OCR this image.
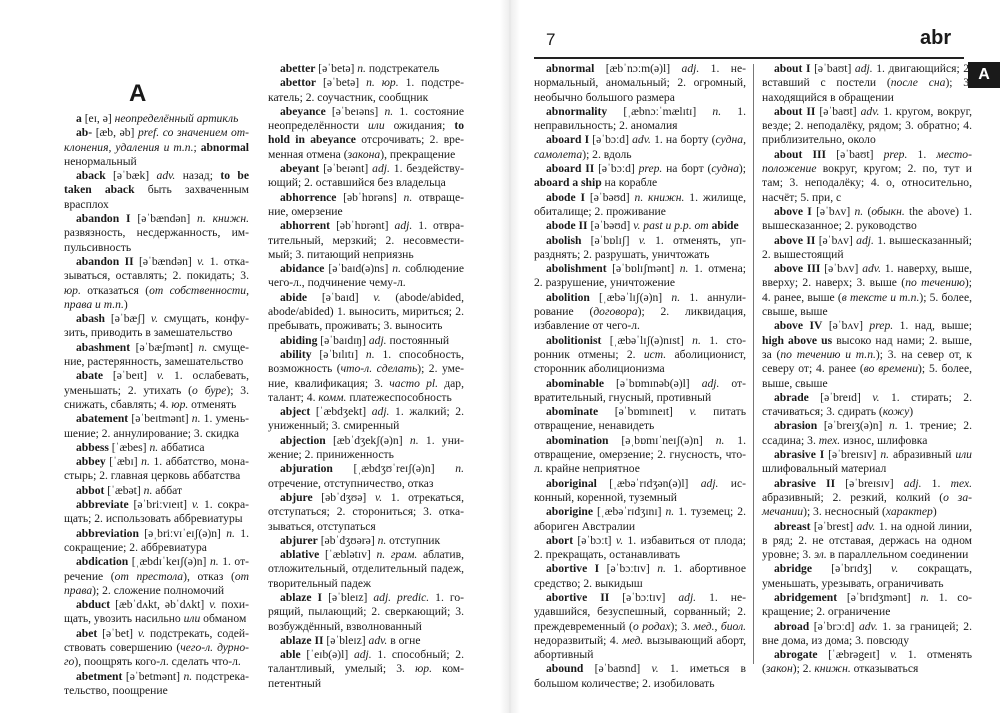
A

a [eɪ, ə] неопределённый артикль

ab- [æb, əb] pref. со значением отклонения, удаления и т.п.; abnormal ненормальный

aback [əˈbæk] adv. назад; to be taken aback быть захваченным врасплох

abandon I [əˈbændən] n. книжн. развязность, несдержанность, импульсивность

abandon II [əˈbændən] v. 1. отказываться, оставлять; 2. покидать; 3. юр. отказаться (от собственности, права и т.п.)

abash [əˈbæʃ] v. смущать, конфузить, приводить в замешательство

abashment [əˈbæʃmənt] n. смущение, растерянность, замешательство

abate [əˈbeɪt] v. 1. ослабевать, уменьшать; 2. утихать (о буре); 3. снижать, сбавлять; 4. юр. отменять

abatement [əˈbeɪtmənt] n. 1. уменьшение; 2. аннулирование; 3. скидка

abbess [ˈæbes] n. аббатиса

abbey [ˈæbɪ] n. 1. аббатство, монастырь; 2. главная церковь аббатства

abbot [ˈæbət] n. аббат

abbreviate [əˈbriːvɪeɪt] v. 1. сокращать; 2. использовать аббревиатуры

abbreviation [əˌbriːvɪˈeɪʃ(ə)n] n. 1. сокращение; 2. аббревиатура

abdication [ˌæbdɪˈkeɪʃ(ə)n] n. 1. отречение (от престола), отказ (от права); 2. сложение полномочий

abduct [æbˈdʌkt, əbˈdʌkt] v. похищать, увозить насильно или обманом

abet [əˈbet] v. подстрекать, содействовать совершению (чего-л. дурного), поощрять кого-л. сделать что-л.

abetment [əˈbetmənt] n. подстрекательство, поощрение

abetter [əˈbetə] n. подстрекатель

abettor [əˈbetə] n. юр. 1. подстрекатель; 2. соучастник, сообщник

abeyance [əˈbeɪəns] n. 1. состояние неопределённости или ожидания; to hold in abeyance отсрочивать; 2. временная отмена (закона), прекращение

abeyant [əˈbeɪənt] adj. 1. бездействующий; 2. оставшийся без владельца

abhorrence [əbˈhɒrəns] n. отвращение, омерзение

abhorrent [əbˈhɒrənt] adj. 1. отвратительный, мерзкий; 2. несовместимый; 3. питающий неприязнь

abidance [əˈbaɪd(ə)ns] n. соблюдение чего-л., подчинение чему-л.

abide [əˈbaɪd] v. (abode/abided, abode/abided) 1. выносить, мириться; 2. пребывать, проживать; 3. выносить

abiding [əˈbaɪdɪŋ] adj. постоянный

ability [əˈbɪlɪtɪ] n. 1. способность, возможность (что-л. сделать); 2. умение, квалификация; 3. часто pl. дар, талант; 4. комм. платежеспособность

abject [ˈæbdʒekt] adj. 1. жалкий; 2. униженный; 3. смиренный

abjection [æbˈdʒekʃ(ə)n] n. 1. унижение; 2. приниженность

abjuration [ˌæbdʒʊˈreɪʃ(ə)n] n. отречение, отступничество, отказ

abjure [əbˈdʒʊə] v. 1. отрекаться, отступаться; 2. сторониться; 3. отказываться, отступаться

abjurer [əbˈdʒʊərə] n. отступник

ablative [ˈæblətɪv] n. грам. аблатив, отложительный, отделительный падеж, творительный падеж

ablaze I [əˈbleɪz] adj. predic. 1. горящий, пылающий; 2. сверкающий; 3. возбуждённый, взволнованный

ablaze II [əˈbleɪz] adv. в огне

able [ˈeɪb(ə)l] adj. 1. способный; 2. талантливый, умелый; 3. юр. компетентный

7	abr
A

abnormal [æbˈnɔːm(ə)l] adj. 1. ненормальный, аномальный; 2. огромный, необычно большого размера

abnormality [ˌæbnɔːˈmælɪtɪ] n. 1. неправильность; 2. аномалия

aboard I [əˈbɔːd] adv. 1. на борту (судна, самолета); 2. вдоль

aboard II [əˈbɔːd] prep. на борт (судна); aboard a ship на корабле

abode I [əˈbəʊd] n. книжн. 1. жилище, обиталище; 2. проживание

abode II [əˈbəʊd] v. past и p.p. от abide

abolish [əˈbɒlɪʃ] v. 1. отменять, упразднять; 2. разрушать, уничтожать

abolishment [əˈbɒlɪʃmənt] n. 1. отмена; 2. разрушение, уничтожение

abolition [ˌæbəˈlɪʃ(ə)n] n. 1. аннулирование (договора); 2. ликвидация, избавление от чего-л.

abolitionist [ˌæbəˈlɪʃ(ə)nɪst] n. 1. сторонник отмены; 2. ист. аболиционист, сторонник аболиционизма

abominable [əˈbɒmɪnəb(ə)l] adj. отвратительный, гнусный, противный

abominate [əˈbɒmɪneɪt] v. питать отвращение, ненавидеть

abomination [əˌbɒmɪˈneɪʃ(ə)n] n. 1. отвращение, омерзение; 2. гнусность, что-л. крайне неприятное

aboriginal [ˌæbəˈrɪdʒən(ə)l] adj. исконный, коренной, туземный

aborigine [ˌæbəˈrɪdʒɪnɪ] n. 1. туземец; 2. абориген Австралии

abort [əˈbɔːt] v. 1. избавиться от плода; 2. прекращать, останавливать

abortive I [əˈbɔːtɪv] n. 1. абортивное средство; 2. выкидыш

abortive II [əˈbɔːtɪv] adj. 1. неудавшийся, безуспешный, сорванный; 2. преждевременный (о родах); 3. мед., биол. недоразвитый; 4. мед. вызывающий аборт, абортивный

abound [əˈbaʊnd] v. 1. иметься в большом количестве; 2. изобиловать

about I [əˈbaʊt] adj. 1. двигающийся; 2. вставший с постели (после сна); 3. находящийся в обращении

about II [əˈbaʊt] adv. 1. кругом, вокруг, везде; 2. неподалёку, рядом; 3. обратно; 4. приблизительно, около

about III [əˈbaʊt] prep. 1. местоположение вокруг, кругом; 2. по, тут и там; 3. неподалёку; 4. о, относительно, насчёт; 5. при, с

above I [əˈbʌv] n. (обыкн. the above) 1. вышесказанное; 2. руководство

above II [əˈbʌv] adj. 1. вышесказанный; 2. вышестоящий

above III [əˈbʌv] adv. 1. наверху, выше, вверху; 2. наверх; 3. выше (по течению); 4. ранее, выше (в тексте и т.п.); 5. более, свыше, выше

above IV [əˈbʌv] prep. 1. над, выше; high above us высоко над нами; 2. выше, за (по течению и т.п.); 3. на север от, к северу от; 4. ранее (во времени); 5. более, выше, свыше

abrade [əˈbreɪd] v. 1. стирать; 2. стачиваться; 3. сдирать (кожу)

abrasion [əˈbreɪʒ(ə)n] n. 1. трение; 2. ссадина; 3. тех. износ, шлифовка

abrasive I [əˈbreɪsɪv] n. абразивный или шлифовальный материал

abrasive II [əˈbreɪsɪv] adj. 1. тех. абразивный; 2. резкий, колкий (о замечании); 3. несносный (характер)

abreast [əˈbrest] adv. 1. на одной линии, в ряд; 2. не отставая, держась на одном уровне; 3. эл. в параллельном соединении

abridge [əˈbrɪdʒ] v. сокращать, уменьшать, урезывать, ограничивать

abridgement [əˈbrɪdʒmənt] n. 1. сокращение; 2. ограничение

abroad [əˈbrɔːd] adv. 1. за границей; 2. вне дома, из дома; 3. повсюду

abrogate [ˈæbrəgeɪt] v. 1. отменять (закон); 2. книжн. отказываться
